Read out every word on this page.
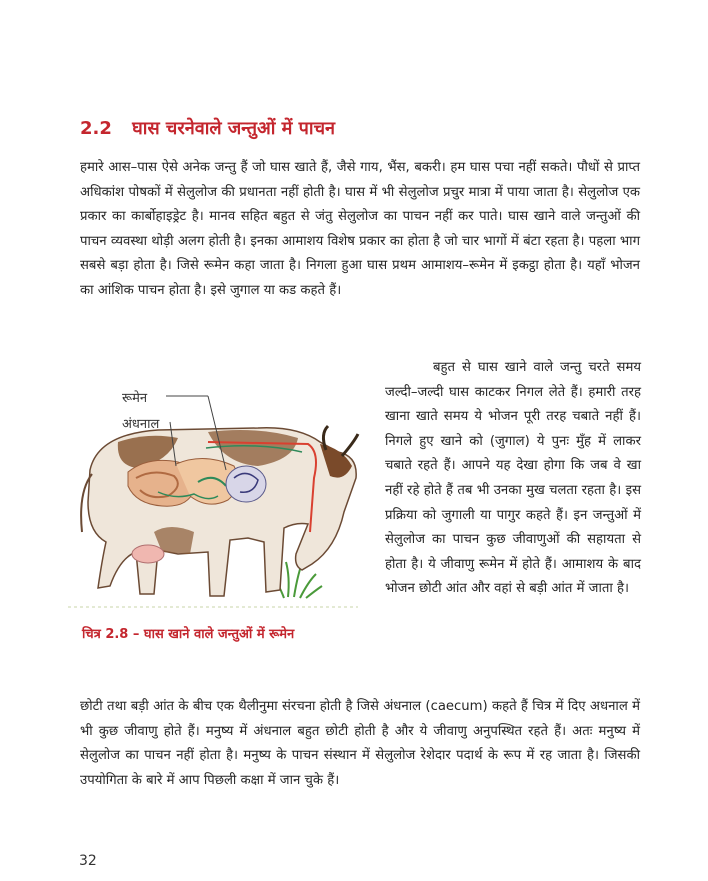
2.2 घास चरनेवाले जन्तुओं में पाचन
हमारे आस–पास ऐसे अनेक जन्तु हैं जो घास खाते हैं, जैसे गाय, भैंस, बकरी। हम घास पचा नहीं सकते। पौधों से प्राप्त अधिकांश पोषकों में सेलुलोज की प्रधानता नहीं होती है। घास में भी सेलुलोज प्रचुर मात्रा में पाया जाता है। सेलुलोज एक प्रकार का कार्बोहाइड्रेट है। मानव सहित बहुत से जंतु सेलुलोज का पाचन नहीं कर पाते। घास खाने वाले जन्तुओं की पाचन व्यवस्था थोड़ी अलग होती है। इनका आमाशय विशेष प्रकार का होता है जो चार भागों में बंटा रहता है। पहला भाग सबसे बड़ा होता है। जिसे रूमेन कहा जाता है। निगला हुआ घास प्रथम आमाशय–रूमेन में इकट्ठा होता है। यहाँ भोजन का आंशिक पाचन होता है। इसे जुगाल या कड कहते हैं।

बहुत से घास खाने वाले जन्तु चरते समय जल्दी–जल्दी घास काटकर निगल लेते हैं। हमारी तरह खाना खाते समय ये भोजन पूरी तरह चबाते नहीं हैं। निगले हुए खाने को (जुगाल) ये पुनः मुँह में लाकर चबाते रहते हैं। आपने यह देखा होगा कि जब वे खा नहीं रहे होते हैं तब भी उनका मुख चलता रहता है। इस प्रक्रिया को जुगाली या पागुर कहते हैं। इन जन्तुओं में सेलुलोज का पाचन कुछ जीवाणुओं की सहायता से होता है। ये जीवाणु रूमेन में होते हैं। आमाशय के बाद भोजन छोटी आंत और वहां से बड़ी आंत में जाता है।

रूमेन
अंधनाल
चित्र 2.8 – घास खाने वाले जन्तुओं में रूमेन
छोटी तथा बड़ी आंत के बीच एक थैलीनुमा संरचना होती है जिसे अंधनाल (caecum) कहते हैं चित्र में दिए अधनाल में भी कुछ जीवाणु होते हैं। मनुष्य में अंधनाल बहुत छोटी होती है और ये जीवाणु अनुपस्थित रहते हैं। अतः मनुष्य में सेलुलोज का पाचन नहीं होता है। मनुष्य के पाचन संस्थान में सेलुलोज रेशेदार पदार्थ के रूप में रह जाता है। जिसकी उपयोगिता के बारे में आप पिछली कक्षा में जान चुके हैं।
32
